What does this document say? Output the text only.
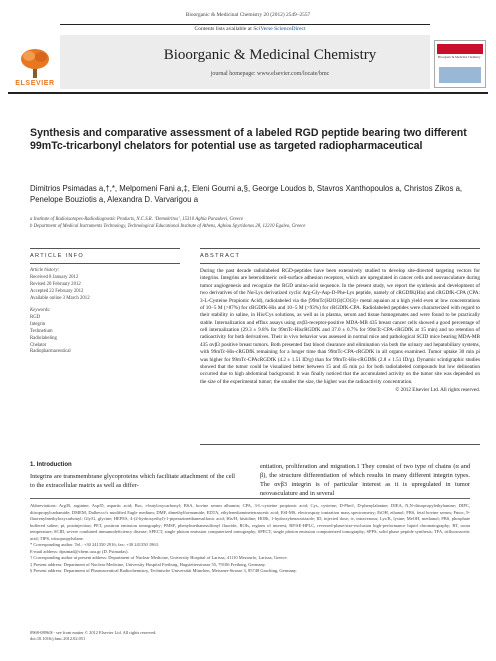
Bioorganic & Medicinal Chemistry 20 (2012) 2549–2557
Contents lists available at SciVerse ScienceDirect
ELSEVIER
Bioorganic & Medicinal Chemistry
journal homepage: www.elsevier.com/locate/bmc
Bioorganic & Medicinal Chemistry
Synthesis and comparative assessment of a labeled RGD peptide bearing two different 99mTc-tricarbonyl chelators for potential use as targeted radiopharmaceutical
Dimitrios Psimadas a,†,*, Melpomeni Fani a,‡, Eleni Gourni a,§, George Loudos b, Stavros Xanthopoulos a, Christos Zikos a, Penelope Bouziotis a, Alexandra D. Varvarigou a
a Institute of Radioisotopes-Radiodiagnostic Products, N.C.S.R. ‘Demokritos’, 15310 Aghia Paraskevi, Greece
b Department of Medical Instruments Technology, Technological Educational Institute of Athens, Aghiou Spyridonos 28, 12210 Egaleo, Greece
ARTICLE INFO	ABSTRACT
Article history:
Received 8 January 2012
Revised 20 February 2012
Accepted 22 February 2012
Available online 3 March 2012
Keywords:
RGD
Integrin
Technetium
Radiolabeling
Chelator
Radiopharmaceutical
During the past decade radiolabeled RGD-peptides have been extensively studied to develop site-directed targeting vectors for integrins. Integrins are heterodimeric cell-surface adhesion receptors, which are upregulated in cancer cells and neovasculature during tumor angiogenesis and recognize the RGD amino-acid sequence. In the present study, we report the synthesis and development of two derivatives of the Nα-Lys derivatized cyclic Arg-Gly-Asp-D-Phe-Lys peptide, namely of cRGDfK(His) and cRGDfK-CPA (CPA: 3-L-Cysteine Propionic Acid), radiolabeled via the [99mTc(H2O)3(CO)3]+ metal aquaion at a high yield even at low concentrations of 10−5 M (>87%) for cRGDfK-His and 10−5 M (>93%) for cRGDfK-CPA. Radiolabeled peptides were characterized with regard to their stability in saline, in His/Cys solutions, as well as in plasma, serum and tissue homogenates and were found to be practically stable. Internalization and efflux assays using αvβ3-receptor-positive MDA-MB 435 breast cancer cells showed a good percentage of cell internalization (29.3 ± 9.8% for 99mTc-HiscRGDfK and 37.0 ± 0.7% for 99mTc-CPA-cRGDfK at 15 min) and no retention of radioactivity for both derivatives. Their in vivo behavior was assessed in normal mice and pathological SCID mice bearing MDA-MB 435 αvβ3 positive breast tumors. Both presented fast blood clearance and elimination via both the urinary and hepatobiliary systems, with 99mTc-His-cRGDfK remaining for a longer time than 99mTc-CPA-cRGDfK in all organs examined. Tumor uptake 30 min pi was higher for 99mTc-CPAcRGDfK (4.2 ± 1.51 ID/g) than for 99mTc-His-cRGDfK (2.8 ± 1.51 ID/g). Dynamic scintigraphic studies showed that the tumor could be visualized better between 15 and 45 min p.i for both radiolabeled compounds but low delineation occurred due to high abdominal background. It was finally noticed that the accumulated activity on the tumor site was depended on the size of the experimental tumor; the smaller the size, the higher was the radioactivity concentration.
© 2012 Elsevier Ltd. All rights reserved.
1. Introduction
Integrins are transmembrane glycoproteins which facilitate attachment of the cell to the extracellular matrix as well as differ-
entiation, proliferation and migration.1 They consist of two type of chains (α and β), the structure differentiation of which results in many different integrin types. The αvβ3 integrin is of particular interest as it is upregulated in tumor neovasculature and in several
Abbreviations: Arg/R, arginine; Asp/D, aspartic acid; Boc, t-butyloxycarbonyl; BSA, bovine serum albumin; CPA, 3-L-cysteine propionic acid; Cys, cysteine; D-Phe/f, D-phenylalanine; DIEA, N,N-diisopropylethylamine; DIPC, diisopropylcarbamide; DMEM, Dulbecco's modified Eagle medium; DMF, dimethylformamide; EDTA, ethylenediaminetetraacetic acid; ESI-MS, electrospray ionization mass spectrometry; EtOH, ethanol; FBS, fetal bovine serum; Fmoc, 9-fluorenylmethyloxycarbonyl; Gly/G, glycine; HEPES, 4-(2-hydroxyethyl)-1-piperazineethanesulfonic acid; His/H, histidine; HOBt, 1-hydroxybenzotriazole; ID, injected dose; iv, intravenous; Lys/K, lysine; MeOH, methanol; PBS, phosphate buffered saline; pi, postinjection; PET, positron emission tomography; PMSF, phenylmethanesulfonyl fluoride; ROIs, regions of interest; RP/SE-HPLC, reversed-phase/size-exclusion high-performance liquid chromatography; RT, room temperature; SCID, severe combined immunodeficiency disease; SPECT, single photon emission computerized tomography; SPECT, single photon emission computerized tomography; SPPS, solid phase peptide synthesis; TFA, trifluoroacetic acid; TIPS, triisopropylsilane.
* Corresponding author. Tel.: +30 241350 2916; fax: +30 241350 1863.
E-mail address: dpsimad@chem.uoa.gr (D. Psimadas).
† Corresponding author at present address: Department of Nuclear Medicine, University Hospital of Larissa, 41110 Mezourlo, Larissa, Greece.
‡ Present address: Department of Nuclear Medicine, University Hospital Freiburg, Hugstetterstrasse 55, 79106 Freiburg, Germany.
§ Present address: Department of Pharmaceutical Radiochemistry, Technische Universität München, Meissner-Strasse 3, 85748 Garching, Germany.
0968-0896/$ - see front matter © 2012 Elsevier Ltd. All rights reserved.
doi:10.1016/j.bmc.2012.02.051
